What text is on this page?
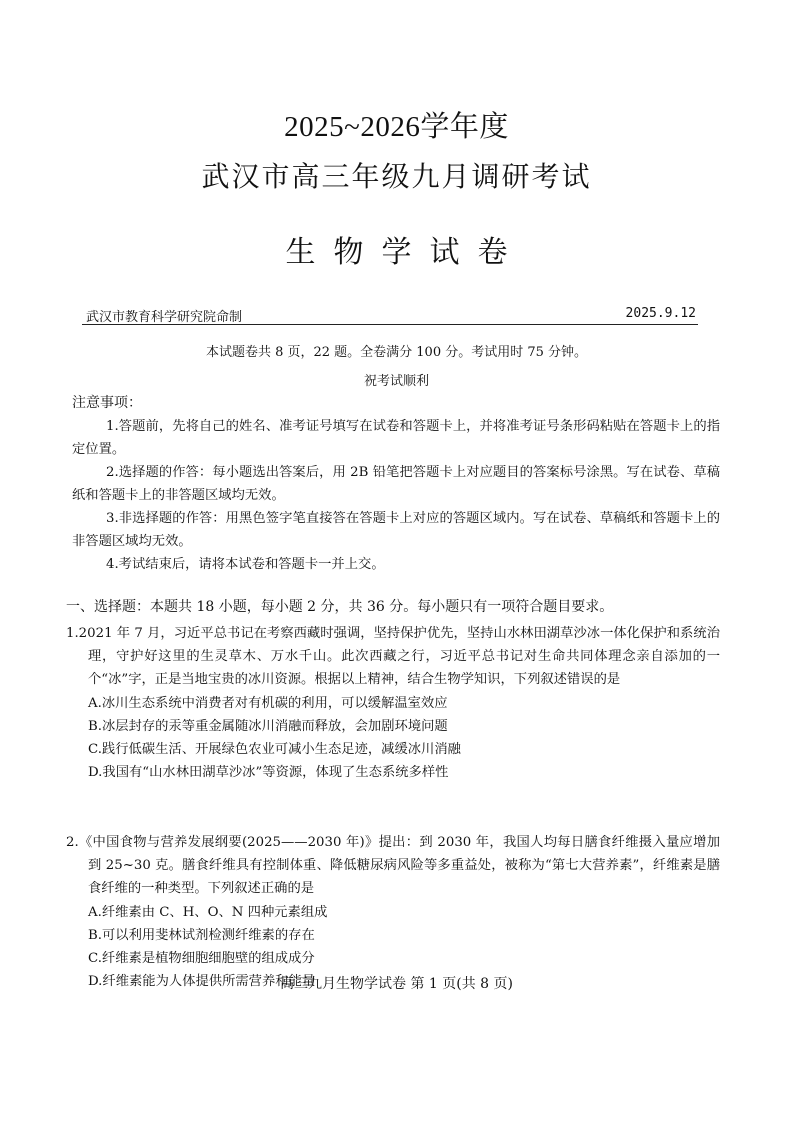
2025~2026学年度
武汉市高三年级九月调研考试
生物学试卷
武汉市教育科学研究院命制	2025.9.12
本试题卷共 8 页，22 题。全卷满分 100 分。考试用时 75 分钟。
祝考试顺利
注意事项：
1.答题前，先将自己的姓名、准考证号填写在试卷和答题卡上，并将准考证号条形码粘贴在答题卡上的指定位置。
2.选择题的作答：每小题选出答案后，用 2B 铅笔把答题卡上对应题目的答案标号涂黑。写在试卷、草稿纸和答题卡上的非答题区域均无效。
3.非选择题的作答：用黑色签字笔直接答在答题卡上对应的答题区域内。写在试卷、草稿纸和答题卡上的非答题区域均无效。
4.考试结束后，请将本试卷和答题卡一并上交。
一、选择题：本题共 18 小题，每小题 2 分，共 36 分。每小题只有一项符合题目要求。
1.2021 年 7 月，习近平总书记在考察西藏时强调，坚持保护优先，坚持山水林田湖草沙冰一体化保护和系统治理，守护好这里的生灵草木、万水千山。此次西藏之行，习近平总书记对生命共同体理念亲自添加的一个“冰”字，正是当地宝贵的冰川资源。根据以上精神，结合生物学知识，下列叙述错误的是
A.冰川生态系统中消费者对有机碳的利用，可以缓解温室效应
B.冰层封存的汞等重金属随冰川消融而释放，会加剧环境问题
C.践行低碳生活、开展绿色农业可减小生态足迹，减缓冰川消融
D.我国有“山水林田湖草沙冰”等资源，体现了生态系统多样性
2.《中国食物与营养发展纲要(2025——2030 年)》提出：到 2030 年，我国人均每日膳食纤维摄入量应增加到 25~30 克。膳食纤维具有控制体重、降低糖尿病风险等多重益处，被称为“第七大营养素”，纤维素是膳食纤维的一种类型。下列叙述正确的是
A.纤维素由 C、H、O、N 四种元素组成
B.可以利用斐林试剂检测纤维素的存在
C.纤维素是植物细胞细胞壁的组成成分
D.纤维素能为人体提供所需营养和能量
高三九月生物学试卷 第 1 页(共 8 页)
